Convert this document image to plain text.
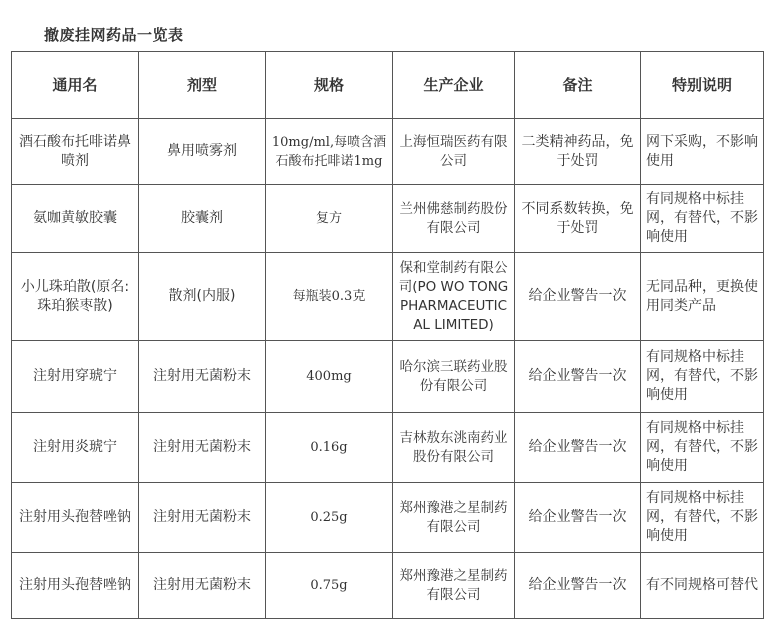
撤废挂网药品一览表
通用名	剂型	规格	生产企业	备注	特别说明
酒石酸布托啡诺鼻喷剂	鼻用喷雾剂	10mg/ml,每喷含酒石酸布托啡诺1mg	上海恒瑞医药有限公司	二类精神药品，免于处罚	网下采购，不影响使用
氨咖黄敏胶囊	胶囊剂	复方	兰州佛慈制药股份有限公司	不同系数转换，免于处罚	有同规格中标挂网，有替代，不影响使用
小儿珠珀散(原名:珠珀猴枣散)	散剂(内服)	每瓶装0.3克	保和堂制药有限公司(PO WO TONG PHARMACEUTICAL LIMITED)	给企业警告一次	无同品种，更换使用同类产品
注射用穿琥宁	注射用无菌粉末	400mg	哈尔滨三联药业股份有限公司	给企业警告一次	有同规格中标挂网，有替代，不影响使用
注射用炎琥宁	注射用无菌粉末	0.16g	吉林敖东洮南药业股份有限公司	给企业警告一次	有同规格中标挂网，有替代，不影响使用
注射用头孢替唑钠	注射用无菌粉末	0.25g	郑州豫港之星制药有限公司	给企业警告一次	有同规格中标挂网，有替代，不影响使用
注射用头孢替唑钠	注射用无菌粉末	0.75g	郑州豫港之星制药有限公司	给企业警告一次	有不同规格可替代
